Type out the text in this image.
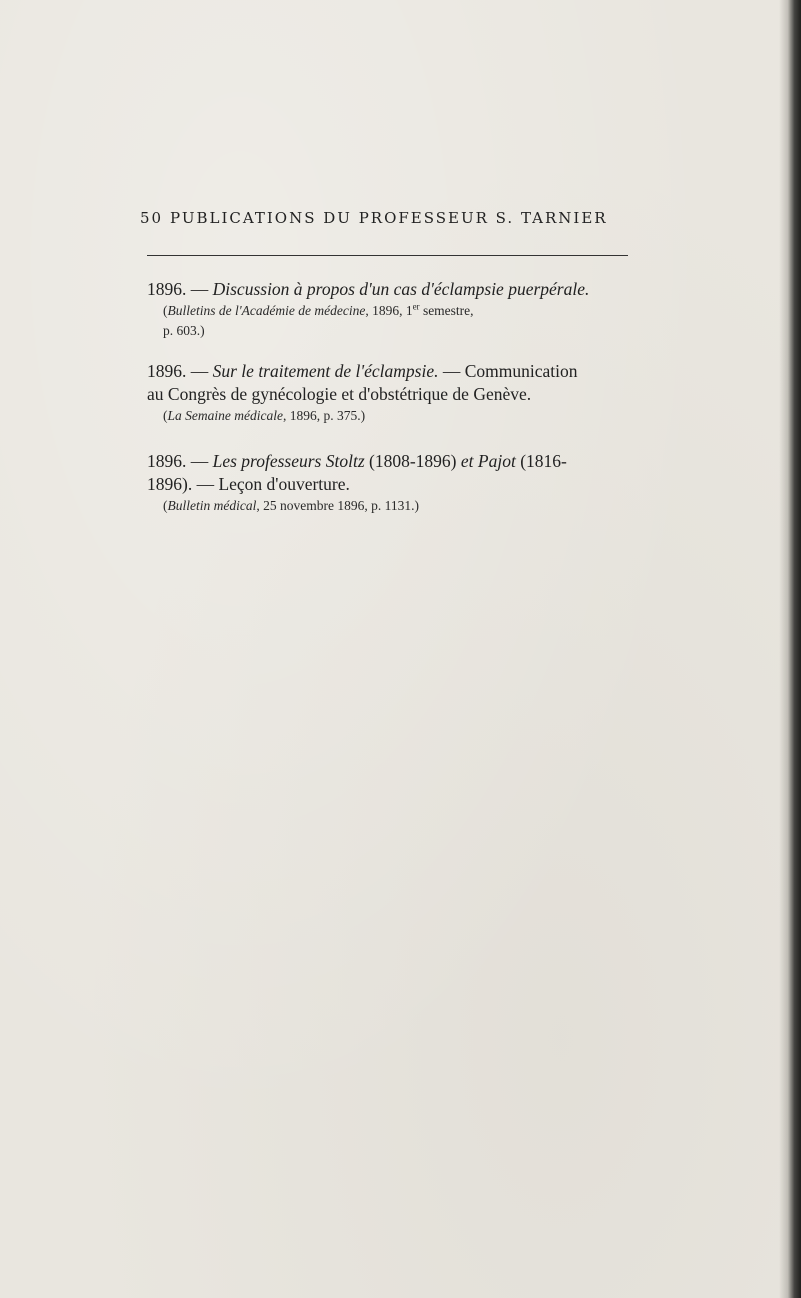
50 PUBLICATIONS DU PROFESSEUR S. TARNIER
1896. — Discussion à propos d'un cas d'éclampsie puerpérale.
(Bulletins de l'Académie de médecine, 1896, 1er semestre,
p. 603.)
1896. — Sur le traitement de l'éclampsie. — Communication
au Congrès de gynécologie et d'obstétrique de Genève.
(La Semaine médicale, 1896, p. 375.)
1896. — Les professeurs Stoltz (1808-1896) et Pajot (1816-
1896). — Leçon d'ouverture.
(Bulletin médical, 25 novembre 1896, p. 1131.)
